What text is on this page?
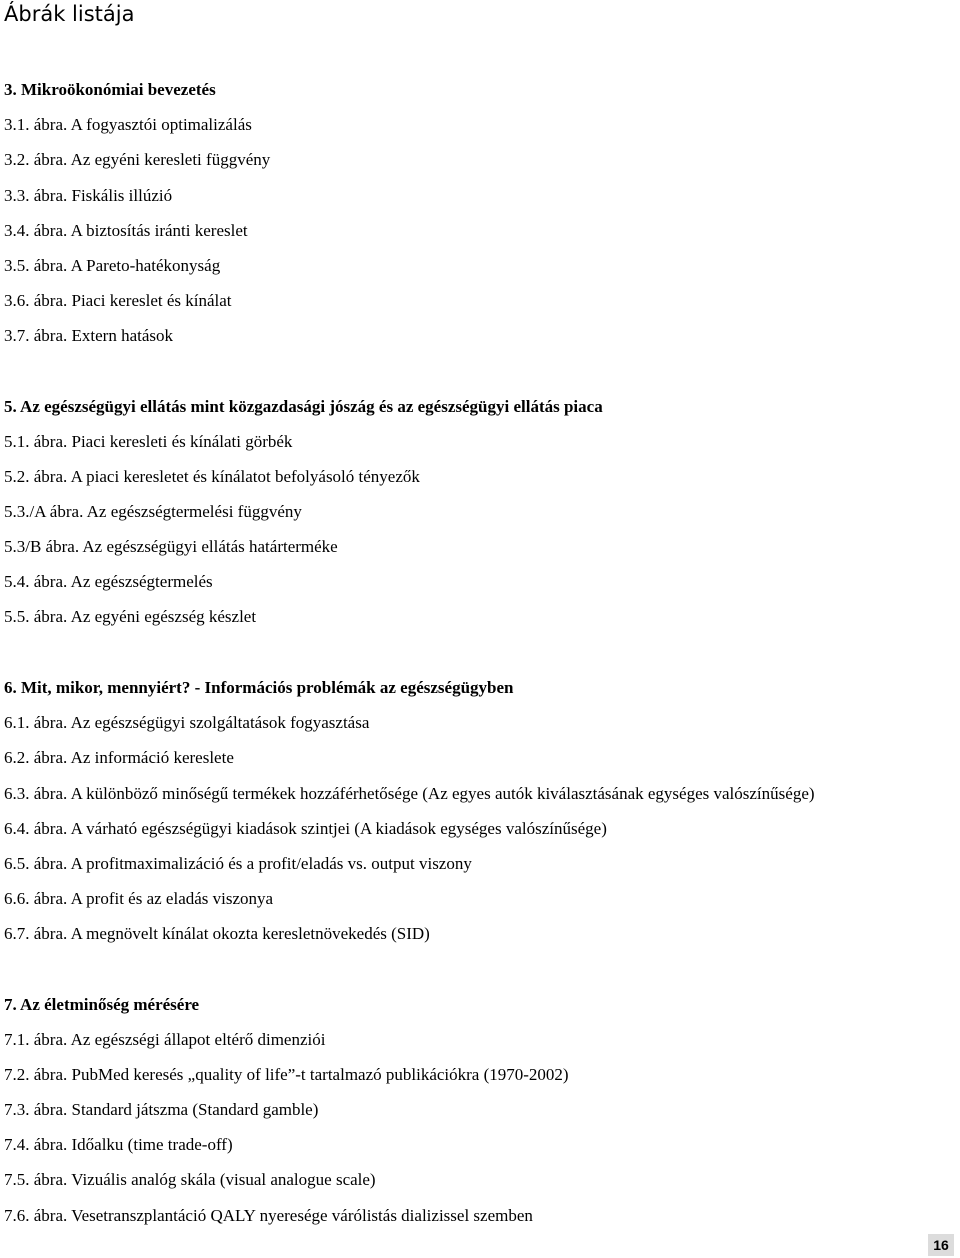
Ábrák listája
3. Mikroökonómiai bevezetés
3.1. ábra. A fogyasztói optimalizálás
3.2. ábra. Az egyéni keresleti függvény
3.3. ábra. Fiskális illúzió
3.4. ábra. A biztosítás iránti kereslet
3.5. ábra. A Pareto-hatékonyság
3.6. ábra. Piaci kereslet és kínálat
3.7. ábra. Extern hatások
5. Az egészségügyi ellátás mint közgazdasági jószág és az egészségügyi ellátás piaca
5.1. ábra. Piaci keresleti és kínálati görbék
5.2. ábra. A piaci keresletet és kínálatot befolyásoló tényezők
5.3./A ábra. Az egészségtermelési függvény
5.3/B ábra. Az egészségügyi ellátás határterméke
5.4. ábra. Az egészségtermelés
5.5. ábra. Az egyéni egészség készlet
6. Mit, mikor, mennyiért? - Információs problémák az egészségügyben
6.1. ábra. Az egészségügyi szolgáltatások fogyasztása
6.2. ábra. Az információ kereslete
6.3. ábra. A különböző minőségű termékek hozzáférhetősége (Az egyes autók kiválasztásának egységes valószínűsége)
6.4. ábra. A várható egészségügyi kiadások szintjei (A kiadások egységes valószínűsége)
6.5. ábra. A profitmaximalizáció és a profit/eladás vs. output viszony
6.6. ábra. A profit és az eladás viszonya
6.7. ábra. A megnövelt kínálat okozta keresletnövekedés (SID)
7. Az életminőség mérésére
7.1. ábra. Az egészségi állapot eltérő dimenziói
7.2. ábra. PubMed keresés „quality of life”-t tartalmazó publikációkra (1970-2002)
7.3. ábra. Standard játszma (Standard gamble)
7.4. ábra. Időalku (time trade-off)
7.5. ábra. Vizuális analóg skála (visual analogue scale)
7.6. ábra. Vesetranszplantáció QALY nyeresége várólistás dializissel szemben
16
